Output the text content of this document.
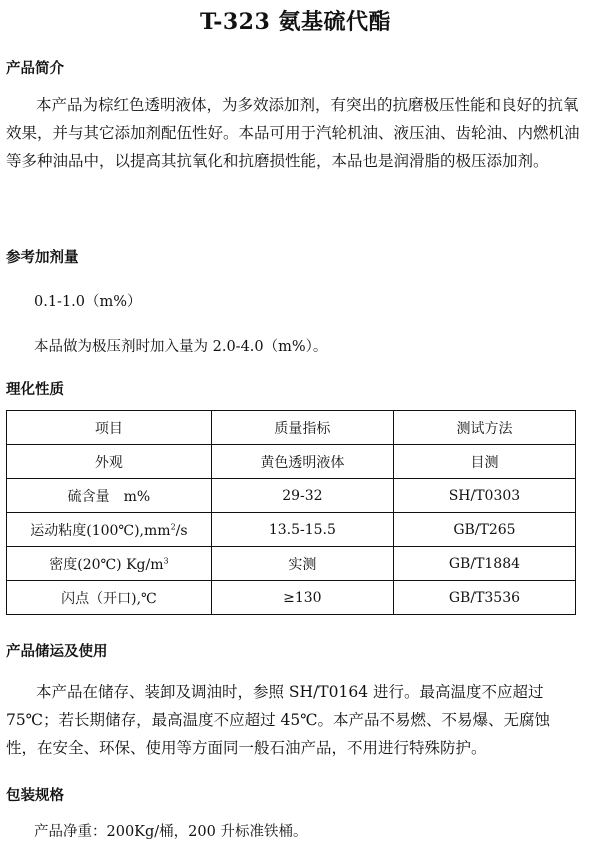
T-323 氨基硫代酯
产品简介

本产品为棕红色透明液体，为多效添加剂，有突出的抗磨极压性能和良好的抗氧效果，并与其它添加剂配伍性好。本品可用于汽轮机油、液压油、齿轮油、内燃机油等多种油品中，以提高其抗氧化和抗磨损性能，本品也是润滑脂的极压添加剂。

参考加剂量
0.1-1.0（m%）
本品做为极压剂时加入量为 2.0-4.0（m%）。
理化性质
项目	质量指标	测试方法
外观	黄色透明液体	目测
硫含量　m%	29-32	SH/T0303
运动粘度$(100℃),mm^2/s$	13.5-15.5	GB/T265
密度(20℃) $Kg/m^3$	实测	GB/T1884
闪点（开口),℃	≥130	GB/T3536
产品储运及使用

本产品在储存、装卸及调油时，参照 SH/T0164 进行。最高温度不应超过 75℃；若长期储存，最高温度不应超过 45℃。本产品不易燃、不易爆、无腐蚀性，在安全、环保、使用等方面同一般石油产品，不用进行特殊防护。

包装规格
产品净重：200Kg/桶，200 升标准铁桶。
